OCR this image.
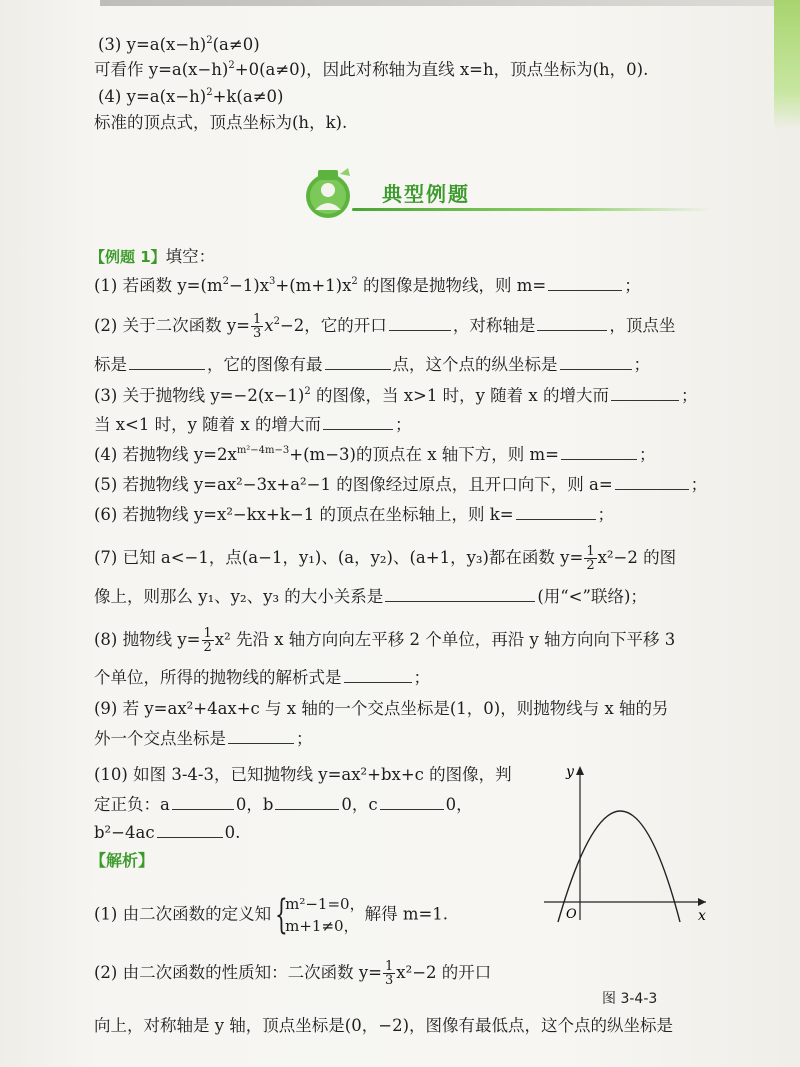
(3) $y=a(x-h)^2(a\ne 0)$
可看作 $y=a(x-h)^2+0(a\ne 0)$，因此对称轴为直线 x=h，顶点坐标为(h，0).
(4) $y=a(x-h)^2+k(a\ne 0)$
标准的顶点式，顶点坐标为(h，k).
典型例题
【例题 1】填空：
(1) 若函数 $y=(m^2-1)x^3+(m+1)x^2$ 的图像是抛物线，则 m=	；
(2) 关于二次函数 $y= \frac{1}{3} x^2-2$，它的开口	，对称轴是	，顶点坐
标是	，它的图像有最	点，这个点的纵坐标是	；
(3) 关于抛物线 $y=-2(x-1)^2$ 的图像，当 x>1 时，y 随着 x 的增大而	；
当 x<1 时，y 随着 x 的增大而	；
(4) 若抛物线 $y=2x^{m^2-4m-3}+(m-3)$的顶点在 x 轴下方，则 m=	；
(5) 若抛物线 y=ax²−3x+a²−1 的图像经过原点，且开口向下，则 a=	；
(6) 若抛物线 y=x²−kx+k−1 的顶点在坐标轴上，则 k=	；
(7) 已知 a<−1，点(a−1，y₁)、(a，y₂)、(a+1，y₃)都在函数 $y= \frac{1}{2} x^2-2$ 的图
像上，则那么 y₁、y₂、y₃ 的大小关系是	(用“<”联络)；
(8) 抛物线 $y= \frac{1}{2} x^2$ 先沿 x 轴方向向左平移 2 个单位，再沿 y 轴方向向下平移 3
个单位，所得的抛物线的解析式是	；
(9) 若 y=ax²+4ax+c 与 x 轴的一个交点坐标是(1，0)，则抛物线与 x 轴的另
外一个交点坐标是	；
(10) 如图 3-4-3，已知抛物线 y=ax²+bx+c 的图像，判
定正负：a	0，b	0，c	0，
b²−4ac	0.
【解析】
(1) 由二次函数的定义知 {
m²−1=0，
m+1≠0，
解得 m=1.
(2) 由二次函数的性质知：二次函数 $y= \frac{1}{3} x^2-2$ 的开口
向上，对称轴是 y 轴，顶点坐标是(0，−2)，图像有最低点，这个点的纵坐标是
x
y
O
图 3-4-3
